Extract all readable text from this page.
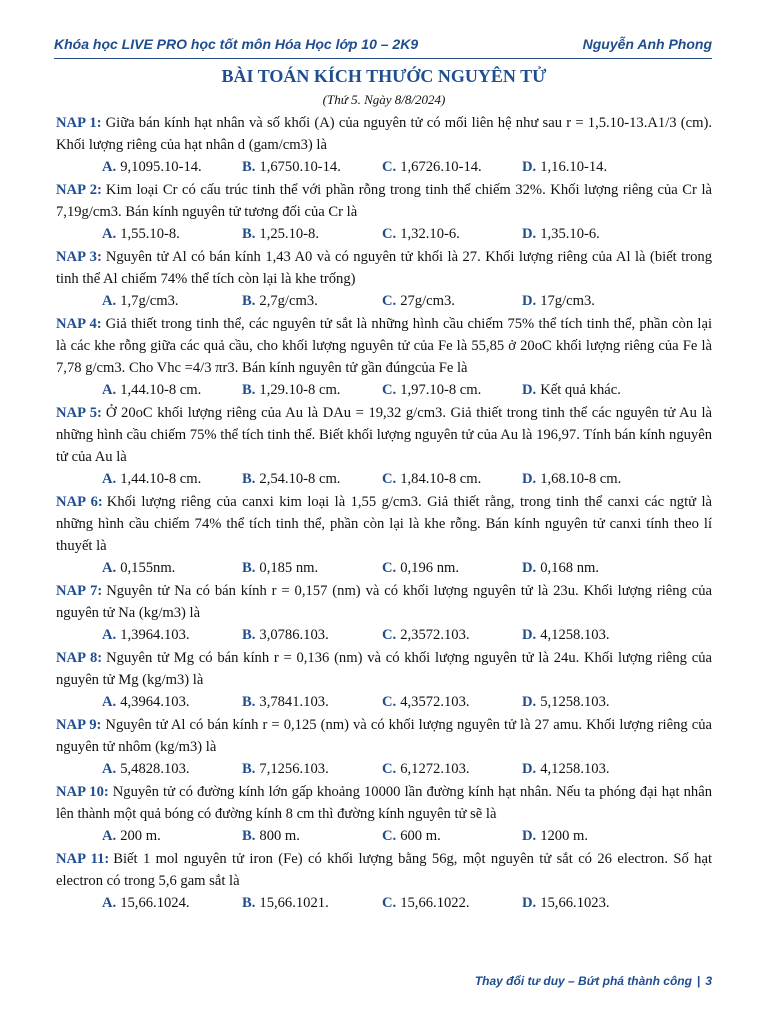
Khóa học LIVE PRO học tốt môn Hóa Học lớp 10 – 2K9	Nguyễn Anh Phong
BÀI TOÁN KÍCH THƯỚC NGUYÊN TỬ
(Thứ 5. Ngày 8/8/2024)

NAP 1: Giữa bán kính hạt nhân và số khối (A) của nguyên tử có mối liên hệ như sau r = 1,5.10-13.A1/3 (cm). Khối lượng riêng của hạt nhân d (gam/cm3) là

A. 9,1095.10-14.	B. 1,6750.10-14.	C. 1,6726.10-14.	D. 1,16.10-14.

NAP 2: Kim loại Cr có cấu trúc tinh thể với phần rỗng trong tinh thể chiếm 32%. Khối lượng riêng của Cr là 7,19g/cm3. Bán kính nguyên tử tương đối của Cr là

A. 1,55.10-8.	B. 1,25.10-8.	C. 1,32.10-6.	D. 1,35.10-6.

NAP 3: Nguyên tử Al có bán kính 1,43 A0 và có nguyên tử khối là 27. Khối lượng riêng của Al là (biết trong tinh thể Al chiếm 74% thể tích còn lại là khe trống)

A. 1,7g/cm3.	B. 2,7g/cm3.	C. 27g/cm3.	D. 17g/cm3.

NAP 4: Giả thiết trong tinh thể, các nguyên tử sắt là những hình cầu chiếm 75% thể tích tinh thể, phần còn lại là các khe rỗng giữa các quả cầu, cho khối lượng nguyên tử của Fe là 55,85 ở 20oC khối lượng riêng của Fe là 7,78 g/cm3. Cho Vhc =4/3 πr3. Bán kính nguyên tử gần đúngcủa Fe là

A. 1,44.10-8 cm.	B. 1,29.10-8 cm.	C. 1,97.10-8 cm.	D. Kết quả khác.

NAP 5: Ở 20oC khối lượng riêng của Au là DAu = 19,32 g/cm3. Giả thiết trong tinh thể các nguyên tử Au là những hình cầu chiếm 75% thể tích tinh thể. Biết khối lượng nguyên tử của Au là 196,97. Tính bán kính nguyên tử của Au là

A. 1,44.10-8 cm.	B. 2,54.10-8 cm.	C. 1,84.10-8 cm.	D. 1,68.10-8 cm.

NAP 6: Khối lượng riêng của canxi kim loại là 1,55 g/cm3. Giả thiết rằng, trong tinh thể canxi các ngtử là những hình cầu chiếm 74% thể tích tinh thể, phần còn lại là khe rỗng. Bán kính nguyên tử canxi tính theo lí thuyết là

A. 0,155nm.	B. 0,185 nm.	C. 0,196 nm.	D. 0,168 nm.

NAP 7: Nguyên tử Na có bán kính r = 0,157 (nm) và có khối lượng nguyên tử là 23u. Khối lượng riêng của nguyên tử Na (kg/m3) là

A. 1,3964.103.	B. 3,0786.103.	C. 2,3572.103.	D. 4,1258.103.

NAP 8: Nguyên tử Mg có bán kính r = 0,136 (nm) và có khối lượng nguyên tử là 24u. Khối lượng riêng của nguyên tử Mg (kg/m3) là

A. 4,3964.103.	B. 3,7841.103.	C. 4,3572.103.	D. 5,1258.103.

NAP 9: Nguyên tử Al có bán kính r = 0,125 (nm) và có khối lượng nguyên tử là 27 amu. Khối lượng riêng của nguyên tử nhôm (kg/m3) là

A. 5,4828.103.	B. 7,1256.103.	C. 6,1272.103.	D. 4,1258.103.

NAP 10: Nguyên tử có đường kính lớn gấp khoảng 10000 lần đường kính hạt nhân. Nếu ta phóng đại hạt nhân lên thành một quả bóng có đường kính 8 cm thì đường kính nguyên tử sẽ là

A. 200 m.	B. 800 m.	C. 600 m.	D. 1200 m.

NAP 11: Biết 1 mol nguyên tử iron (Fe) có khối lượng bằng 56g, một nguyên tử sắt có 26 electron. Số hạt electron có trong 5,6 gam sắt là

A. 15,66.1024.	B. 15,66.1021.	C. 15,66.1022.	D. 15,66.1023.
Thay đổi tư duy – Bứt phá thành công | 3
